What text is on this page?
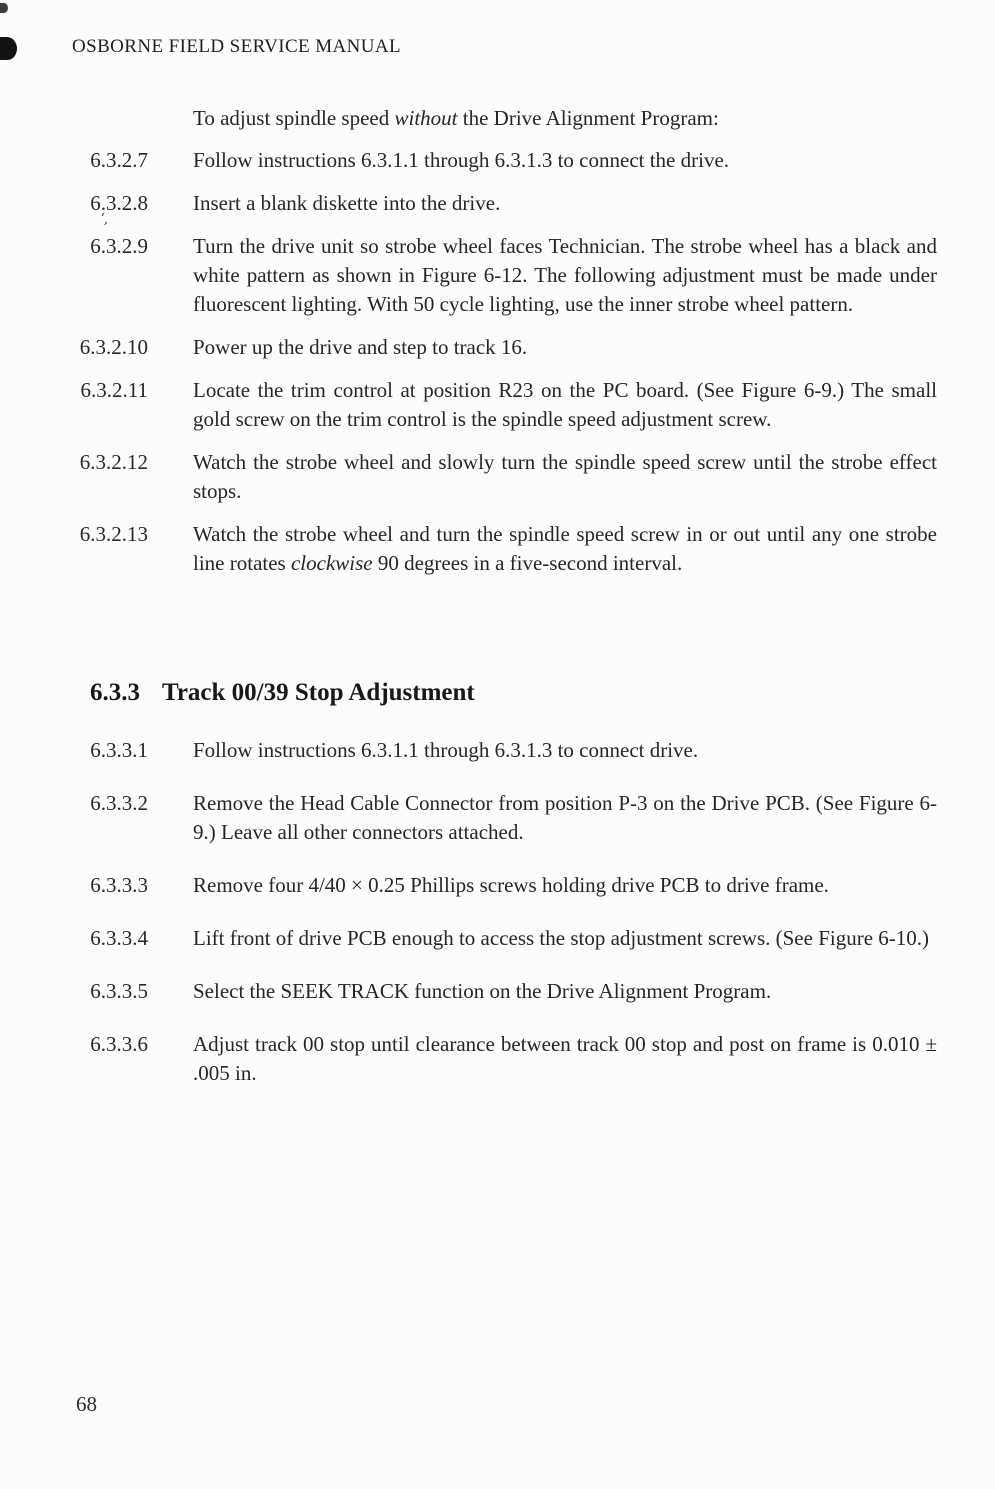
ʻ,
OSBORNE FIELD SERVICE MANUAL

To adjust spindle speed without the Drive Alignment Program:

6.3.2.7 Follow instructions 6.3.1.1 through 6.3.1.3 to connect the drive.
6.3.2.8 Insert a blank diskette into the drive.
6.3.2.9 Turn the drive unit so strobe wheel faces Technician. The strobe wheel has a black and white pattern as shown in Figure 6-12. The following adjustment must be made under fluorescent lighting. With 50 cycle lighting, use the inner strobe wheel pattern.
6.3.2.10 Power up the drive and step to track 16.
6.3.2.11 Locate the trim control at position R23 on the PC board. (See Figure 6-9.) The small gold screw on the trim control is the spindle speed adjustment screw.
6.3.2.12 Watch the strobe wheel and slowly turn the spindle speed screw until the strobe effect stops.
6.3.2.13 Watch the strobe wheel and turn the spindle speed screw in or out until any one strobe line rotates clockwise 90 degrees in a five-second interval.
6.3.3 Track 00/39 Stop Adjustment
6.3.3.1 Follow instructions 6.3.1.1 through 6.3.1.3 to connect drive.
6.3.3.2 Remove the Head Cable Connector from position P-3 on the Drive PCB. (See Figure 6-9.) Leave all other connectors attached.
6.3.3.3 Remove four 4/40 × 0.25 Phillips screws holding drive PCB to drive frame.
6.3.3.4 Lift front of drive PCB enough to access the stop adjustment screws. (See Figure 6-10.)
6.3.3.5 Select the SEEK TRACK function on the Drive Alignment Program.
6.3.3.6 Adjust track 00 stop until clearance between track 00 stop and post on frame is 0.010 ± .005 in.
68
